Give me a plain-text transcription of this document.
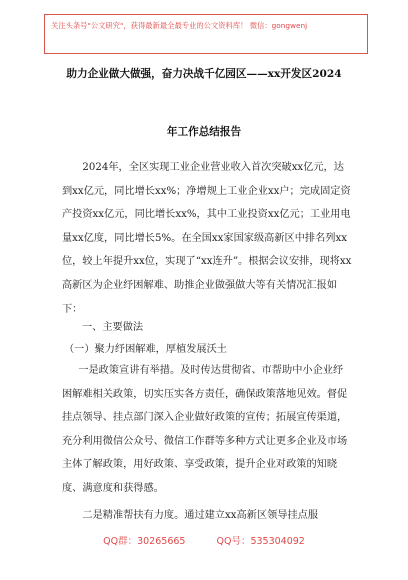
关注头条号"公文研究"，获得最新最全最专业的公文资料库！ 微信：gongwenj
助力企业做大做强，奋力决战千亿园区——xx开发区2024
年工作总结报告

2024年，全区实现工业企业营业收入首次突破xx亿元，达到xx亿元，同比增长xx%；净增规上工业企业xx户；完成固定资产投资xx亿元，同比增长xx%，其中工业投资xx亿元；工业用电量xx亿度，同比增长5%。在全国xx家国家级高新区中排名列xx位，较上年提升xx位，实现了“xx连升”。根据会议安排，现将xx高新区为企业纾困解难、助推企业做强做大等有关情况汇报如下：

一、主要做法
（一）聚力纾困解难，厚植发展沃土

一是政策宣讲有举措。及时传达贯彻省、市帮助中小企业纾困解难相关政策，切实压实各方责任，确保政策落地见效。督促挂点领导、挂点部门深入企业做好政策的宣传；拓展宣传渠道，充分利用微信公众号、微信工作群等多种方式让更多企业及市场主体了解政策，用好政策、享受政策，提升企业对政策的知晓度、满意度和获得感。

二是精准帮扶有力度。通过建立xx高新区领导挂点服

QQ群：30265665	QQ号：535304092
